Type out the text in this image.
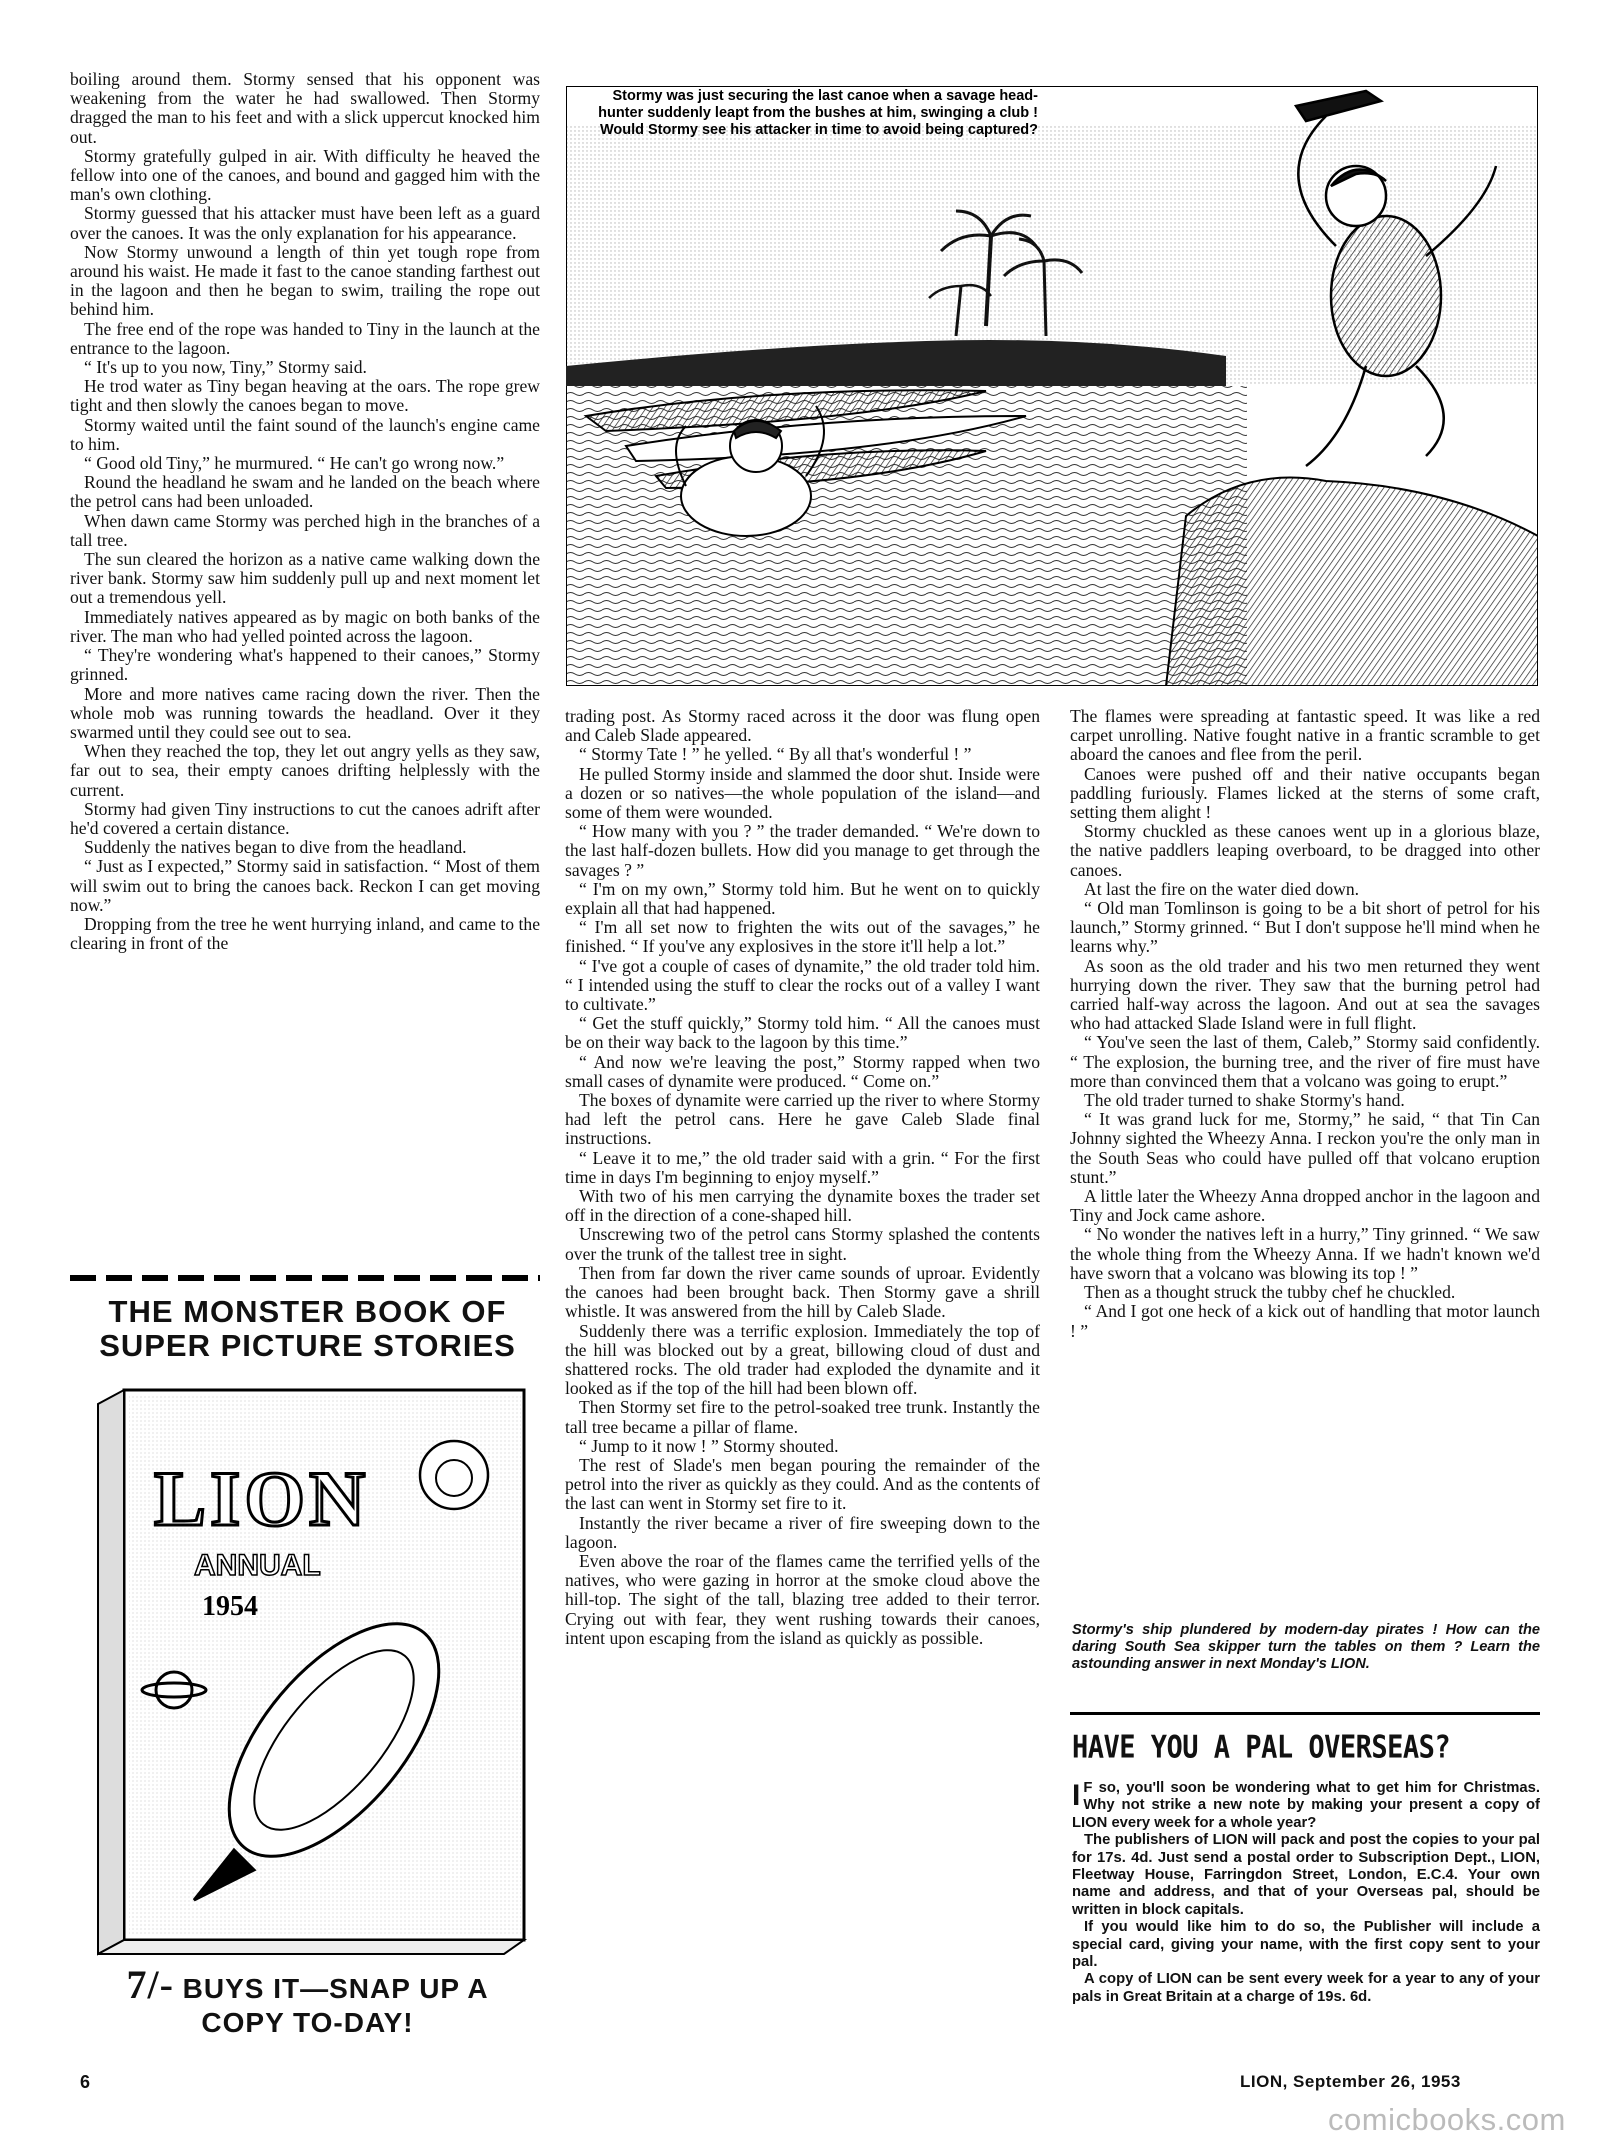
boiling around them. Stormy sensed that his opponent was weakening from the water he had swallowed. Then Stormy dragged the man to his feet and with a slick uppercut knocked him out.

Stormy gratefully gulped in air. With difficulty he heaved the fellow into one of the canoes, and bound and gagged him with the man's own clothing.

Stormy guessed that his attacker must have been left as a guard over the canoes. It was the only explanation for his appearance.

Now Stormy unwound a length of thin yet tough rope from around his waist. He made it fast to the canoe standing farthest out in the lagoon and then he began to swim, trailing the rope out behind him.

The free end of the rope was handed to Tiny in the launch at the entrance to the lagoon.

“ It's up to you now, Tiny,” Stormy said.

He trod water as Tiny began heaving at the oars. The rope grew tight and then slowly the canoes began to move.

Stormy waited until the faint sound of the launch's engine came to him.

“ Good old Tiny,” he murmured. “ He can't go wrong now.”

Round the headland he swam and he landed on the beach where the petrol cans had been unloaded.

When dawn came Stormy was perched high in the branches of a tall tree.

The sun cleared the horizon as a native came walking down the river bank. Stormy saw him suddenly pull up and next moment let out a tremendous yell.

Immediately natives appeared as by magic on both banks of the river. The man who had yelled pointed across the lagoon.

“ They're wondering what's happened to their canoes,” Stormy grinned.

More and more natives came racing down the river. Then the whole mob was running towards the headland. Over it they swarmed until they could see out to sea.

When they reached the top, they let out angry yells as they saw, far out to sea, their empty canoes drifting helplessly with the current.

Stormy had given Tiny instructions to cut the canoes adrift after he'd covered a certain distance.

Suddenly the natives began to dive from the headland.

“ Just as I expected,” Stormy said in satisfaction. “ Most of them will swim out to bring the canoes back. Reckon I can get moving now.”

Dropping from the tree he went hurrying inland, and came to the clearing in front of the

Stormy was just securing the last canoe when a savage head-hunter suddenly leapt from the bushes at him, swinging a club ! Would Stormy see his attacker in time to avoid being captured?

trading post. As Stormy raced across it the door was flung open and Caleb Slade appeared.

“ Stormy Tate ! ” he yelled. “ By all that's wonderful ! ”

He pulled Stormy inside and slammed the door shut. Inside were a dozen or so natives—the whole population of the island—and some of them were wounded.

“ How many with you ? ” the trader demanded. “ We're down to the last half-dozen bullets. How did you manage to get through the savages ? ”

“ I'm on my own,” Stormy told him. But he went on to quickly explain all that had happened.

“ I'm all set now to frighten the wits out of the savages,” he finished. “ If you've any explosives in the store it'll help a lot.”

“ I've got a couple of cases of dynamite,” the old trader told him. “ I intended using the stuff to clear the rocks out of a valley I want to cultivate.”

“ Get the stuff quickly,” Stormy told him. “ All the canoes must be on their way back to the lagoon by this time.”

“ And now we're leaving the post,” Stormy rapped when two small cases of dynamite were produced. “ Come on.”

The boxes of dynamite were carried up the river to where Stormy had left the petrol cans. Here he gave Caleb Slade final instructions.

“ Leave it to me,” the old trader said with a grin. “ For the first time in days I'm beginning to enjoy myself.”

With two of his men carrying the dynamite boxes the trader set off in the direction of a cone-shaped hill.

Unscrewing two of the petrol cans Stormy splashed the contents over the trunk of the tallest tree in sight.

Then from far down the river came sounds of uproar. Evidently the canoes had been brought back. Then Stormy gave a shrill whistle. It was answered from the hill by Caleb Slade.

Suddenly there was a terrific explosion. Immediately the top of the hill was blocked out by a great, billowing cloud of dust and shattered rocks. The old trader had exploded the dynamite and it looked as if the top of the hill had been blown off.

Then Stormy set fire to the petrol-soaked tree trunk. Instantly the tall tree became a pillar of flame.

“ Jump to it now ! ” Stormy shouted.

The rest of Slade's men began pouring the remainder of the petrol into the river as quickly as they could. And as the contents of the last can went in Stormy set fire to it.

Instantly the river became a river of fire sweeping down to the lagoon.

Even above the roar of the flames came the terrified yells of the natives, who were gazing in horror at the smoke cloud above the hill-top. The sight of the tall, blazing tree added to their terror. Crying out with fear, they went rushing towards their canoes, intent upon escaping from the island as quickly as possible.

The flames were spreading at fantastic speed. It was like a red carpet unrolling. Native fought native in a frantic scramble to get aboard the canoes and flee from the peril.

Canoes were pushed off and their native occupants began paddling furiously. Flames licked at the sterns of some craft, setting them alight !

Stormy chuckled as these canoes went up in a glorious blaze, the native paddlers leaping overboard, to be dragged into other canoes.

At last the fire on the water died down.

“ Old man Tomlinson is going to be a bit short of petrol for his launch,” Stormy grinned. “ But I don't suppose he'll mind when he learns why.”

As soon as the old trader and his two men returned they went hurrying down the river. They saw that the burning petrol had carried half-way across the lagoon. And out at sea the savages who had attacked Slade Island were in full flight.

“ You've seen the last of them, Caleb,” Stormy said confidently. “ The explosion, the burning tree, and the river of fire must have more than convinced them that a volcano was going to erupt.”

The old trader turned to shake Stormy's hand.

“ It was grand luck for me, Stormy,” he said, “ that Tin Can Johnny sighted the Wheezy Anna. I reckon you're the only man in the South Seas who could have pulled off that volcano eruption stunt.”

A little later the Wheezy Anna dropped anchor in the lagoon and Tiny and Jock came ashore.

“ No wonder the natives left in a hurry,” Tiny grinned. “ We saw the whole thing from the Wheezy Anna. If we hadn't known we'd have sworn that a volcano was blowing its top ! ”

Then as a thought struck the tubby chef he chuckled.

“ And I got one heck of a kick out of handling that motor launch ! ”

Stormy's ship plundered by modern-day pirates ! How can the daring South Sea skipper turn the tables on them ? Learn the astounding answer in next Monday's LION.
THE MONSTER BOOK OF
SUPER PICTURE STORIES
LION
ANNUAL
1954
7/- BUYS IT—SNAP UP A
COPY TO-DAY!
HAVE YOU A PAL OVERSEAS?

I F so, you'll soon be wondering what to get him for Christmas. Why not strike a new note by making your present a copy of LION every week for a whole year?

The publishers of LION will pack and post the copies to your pal for 17s. 4d. Just send a postal order to Subscription Dept., LION, Fleetway House, Farringdon Street, London, E.C.4. Your own name and address, and that of your Overseas pal, should be written in block capitals.

If you would like him to do so, the Publisher will include a special card, giving your name, with the first copy sent to your pal.

A copy of LION can be sent every week for a year to any of your pals in Great Britain at a charge of 19s. 6d.

6	LION, September 26, 1953
comicbooks.com
